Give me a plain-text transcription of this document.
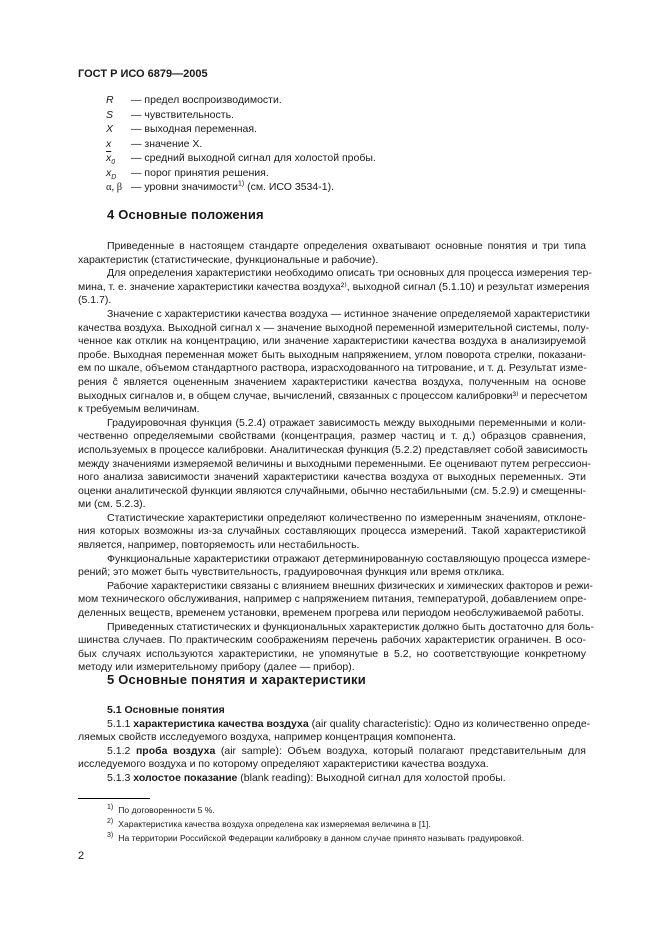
ГОСТ Р ИСО 6879—2005
R — предел воспроизводимости.
S — чувствительность.
X — выходная переменная.
x — значение X.
$\overline{x}_0$ — средний выходной сигнал для холостой пробы.
$x_D$ — порог принятия решения.
α, β — уровни значимости$^{1)}$ (см. ИСО 3534-1).
4 Основные положения
Приведенные в настоящем стандарте определения охватывают основные понятия и три типа
характеристик (статистические, функциональные и рабочие).
Для определения характеристики необходимо описать три основных для процесса измерения тер-
мина, т. е. значение характеристики качества воздуха²⁾, выходной сигнал (5.1.10) и результат измерения
(5.1.7).
Значение c характеристики качества воздуха — истинное значение определяемой характеристики
качества воздуха. Выходной сигнал x — значение выходной переменной измерительной системы, полу-
ченное как отклик на концентрацию, или значение характеристики качества воздуха в анализируемой
пробе. Выходная переменная может быть выходным напряжением, углом поворота стрелки, показани-
ем по шкале, объемом стандартного раствора, израсходованного на титрование, и т. д. Результат изме-
рения ĉ является оцененным значением характеристики качества воздуха, полученным на основе
выходных сигналов и, в общем случае, вычислений, связанных с процессом калибровки³⁾ и пересчетом
к требуемым величинам.
Градуировочная функция (5.2.4) отражает зависимость между выходными переменными и коли-
чественно определяемыми свойствами (концентрация, размер частиц и т. д.) образцов сравнения,
используемых в процессе калибровки. Аналитическая функция (5.2.2) представляет собой зависимость
между значениями измеряемой величины и выходными переменными. Ее оценивают путем регрессион-
ного анализа зависимости значений характеристики качества воздуха от выходных переменных. Эти
оценки аналитической функции являются случайными, обычно нестабильными (см. 5.2.9) и смещенны-
ми (см. 5.2.3).
Статистические характеристики определяют количественно по измеренным значениям, отклоне-
ния которых возможны из-за случайных составляющих процесса измерений. Такой характеристикой
является, например, повторяемость или нестабильность.
Функциональные характеристики отражают детерминированную составляющую процесса измере-
рений; это может быть чувствительность, градуировочная функция или время отклика.
Рабочие характеристики связаны с влиянием внешних физических и химических факторов и режи-
мом технического обслуживания, например с напряжением питания, температурой, добавлением опре-
деленных веществ, временем установки, временем прогрева или периодом необслуживаемой работы.
Приведенных статистических и функциональных характеристик должно быть достаточно для боль-
шинства случаев. По практическим соображениям перечень рабочих характеристик ограничен. В осо-
бых случаях используются характеристики, не упомянутые в 5.2, но соответствующие конкретному
методу или измерительному прибору (далее — прибор).
5 Основные понятия и характеристики
5.1 Основные понятия
5.1.1 характеристика качества воздуха (air quality characteristic): Одно из количественно опреде-
ляемых свойств исследуемого воздуха, например концентрация компонента.
5.1.2 проба воздуха (air sample): Объем воздуха, который полагают представительным для
исследуемого воздуха и по которому определяют характеристики качества воздуха.
5.1.3 холостое показание (blank reading): Выходной сигнал для холостой пробы.
$^{1)}$ По договоренности 5 %.
$^{2)}$ Характеристика качества воздуха определена как измеряемая величина в [1].
$^{3)}$ На территории Российской Федерации калибровку в данном случае принято называть градуировкой.
2
